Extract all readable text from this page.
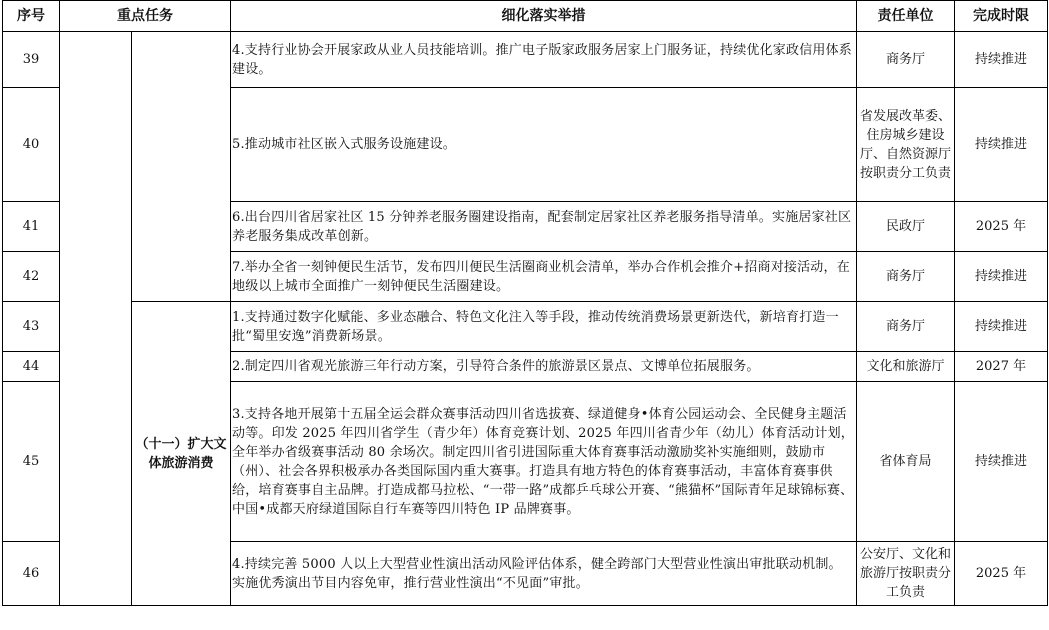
序号	重点任务		细化落实举措	责任单位	完成时限
39			4.支持行业协会开展家政从业人员技能培训。推广电子版家政服务居家上门服务证，持续优化家政信用体系建设。	商务厅	持续推进
40			5.推动城市社区嵌入式服务设施建设。	省发展改革委、住房城乡建设厅、自然资源厅按职责分工负责	持续推进
41			6.出台四川省居家社区 15 分钟养老服务圈建设指南，配套制定居家社区养老服务指导清单。实施居家社区养老服务集成改革创新。	民政厅	2025 年
42			7.举办全省一刻钟便民生活节，发布四川便民生活圈商业机会清单，举办合作机会推介+招商对接活动，在地级以上城市全面推广一刻钟便民生活圈建设。	商务厅	持续推进
43		（十一）扩大文体旅游消费	1.支持通过数字化赋能、多业态融合、特色文化注入等手段，推动传统消费场景更新迭代，新培育打造一批“蜀里安逸”消费新场景。	商务厅	持续推进
44			2.制定四川省观光旅游三年行动方案，引导符合条件的旅游景区景点、文博单位拓展服务。	文化和旅游厅	2027 年
45			3.支持各地开展第十五届全运会群众赛事活动四川省选拔赛、绿道健身•体育公园运动会、全民健身主题活动等。印发 2025 年四川省学生（青少年）体育竞赛计划、2025 年四川省青少年（幼儿）体育活动计划，全年举办省级赛事活动 80 余场次。制定四川省引进国际重大体育赛事活动激励奖补实施细则，鼓励市（州）、社会各界积极承办各类国际国内重大赛事。打造具有地方特色的体育赛事活动，丰富体育赛事供给，培育赛事自主品牌。打造成都马拉松、“一带一路”成都乒乓球公开赛、“熊猫杯”国际青年足球锦标赛、中国•成都天府绿道国际自行车赛等四川特色 IP 品牌赛事。	省体育局	持续推进
46			4.持续完善 5000 人以上大型营业性演出活动风险评估体系，健全跨部门大型营业性演出审批联动机制。实施优秀演出节目内容免审，推行营业性演出“不见面”审批。	公安厅、文化和旅游厅按职责分工负责	2025 年
